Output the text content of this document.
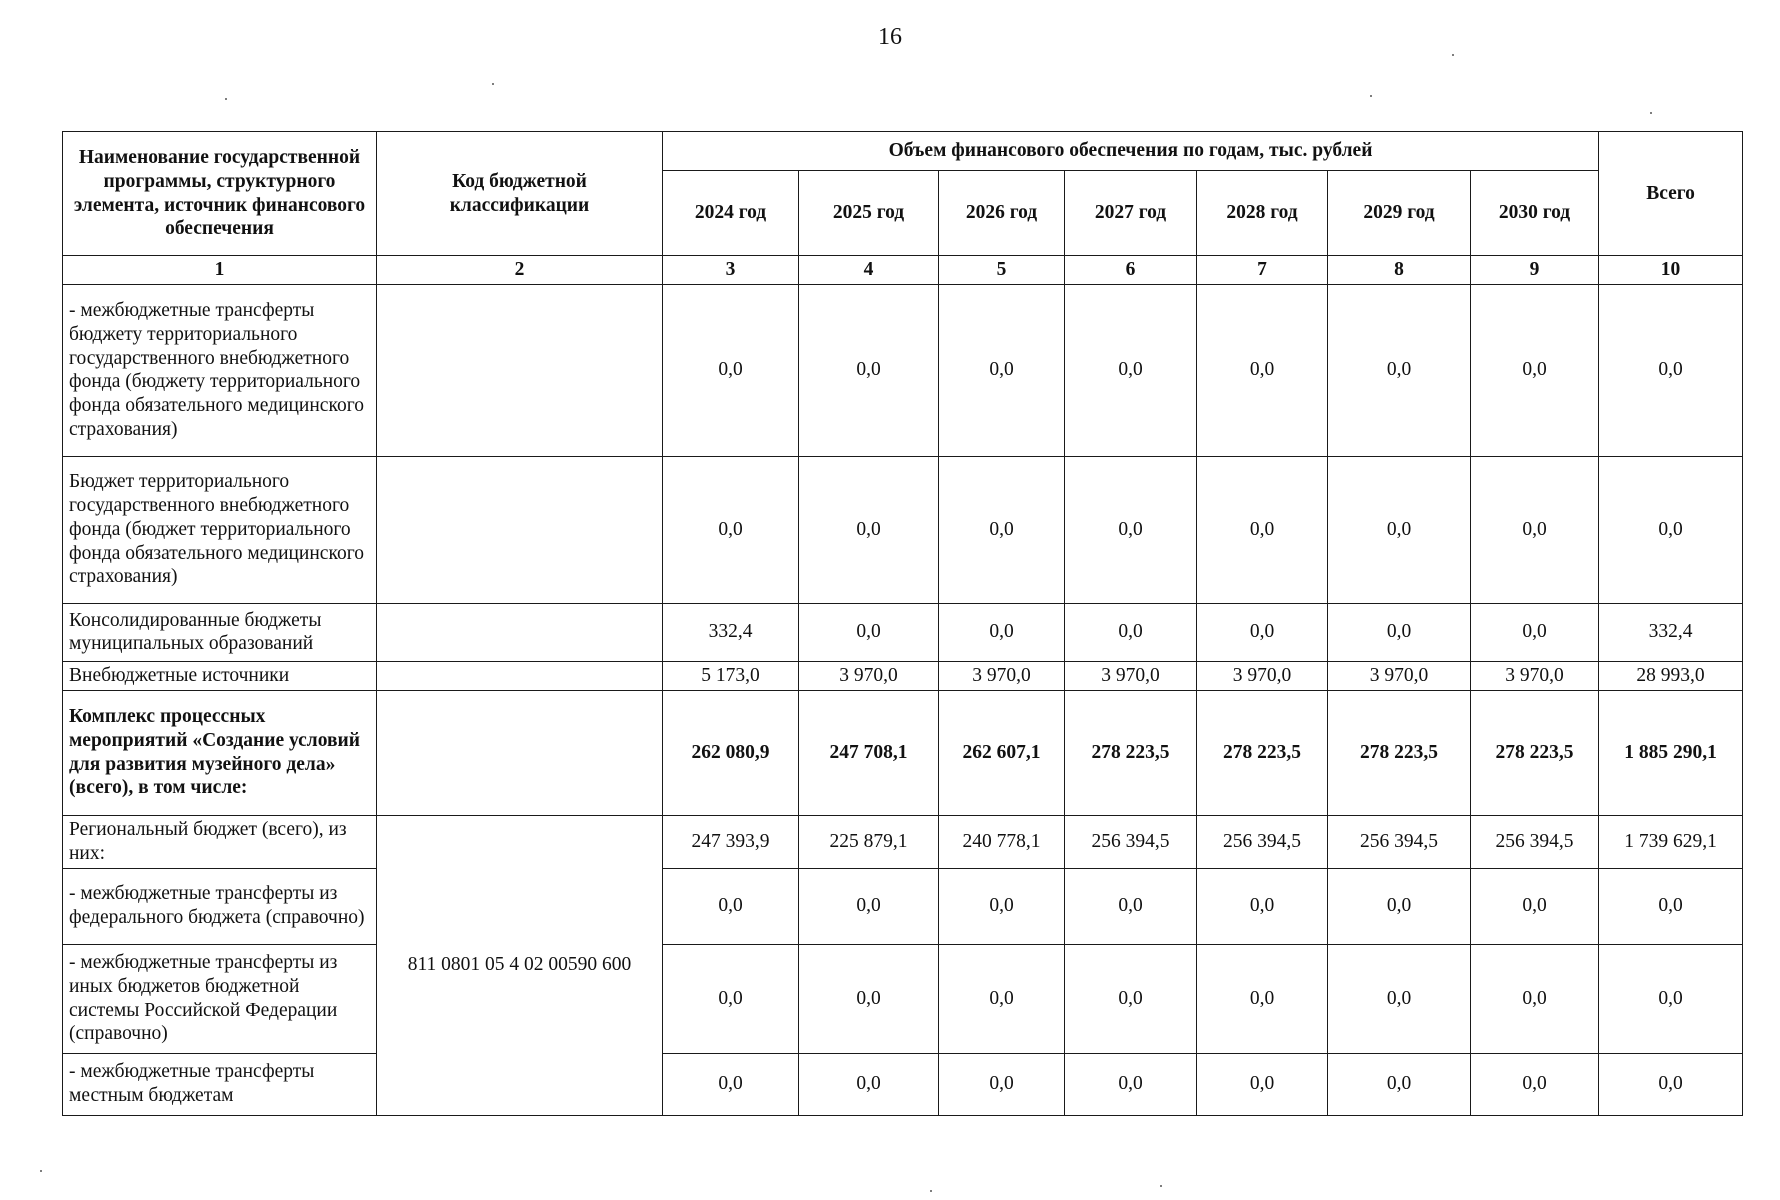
16
Наименование государственной программы, структурного элемента, источник финансового обеспечения	Код бюджетной классификации	Объем финансового обеспечения по годам, тыс. рублей							Всего
		2024 год	2025 год	2026 год	2027 год	2028 год	2029 год	2030 год	
1	2	3	4	5	6	7	8	9	10
- межбюджетные трансферты бюджету территориального государственного внебюджетного фонда (бюджету территориального фонда обязательного медицинского страхования)		0,0	0,0	0,0	0,0	0,0	0,0	0,0	0,0
Бюджет территориального государственного внебюджетного фонда (бюджет территориального фонда обязательного медицинского страхования)		0,0	0,0	0,0	0,0	0,0	0,0	0,0	0,0
Консолидированные бюджеты муниципальных образований		332,4	0,0	0,0	0,0	0,0	0,0	0,0	332,4
Внебюджетные источники		5 173,0	3 970,0	3 970,0	3 970,0	3 970,0	3 970,0	3 970,0	28 993,0
Комплекс процессных мероприятий «Создание условий для развития музейного дела» (всего), в том числе:		262 080,9	247 708,1	262 607,1	278 223,5	278 223,5	278 223,5	278 223,5	1 885 290,1
Региональный бюджет (всего), из них:	811 0801 05 4 02 00590 600	247 393,9	225 879,1	240 778,1	256 394,5	256 394,5	256 394,5	256 394,5	1 739 629,1
- межбюджетные трансферты из федерального бюджета (справочно)		0,0	0,0	0,0	0,0	0,0	0,0	0,0	0,0
- межбюджетные трансферты из иных бюджетов бюджетной системы Российской Федерации (справочно)		0,0	0,0	0,0	0,0	0,0	0,0	0,0	0,0
- межбюджетные трансферты местным бюджетам		0,0	0,0	0,0	0,0	0,0	0,0	0,0	0,0
